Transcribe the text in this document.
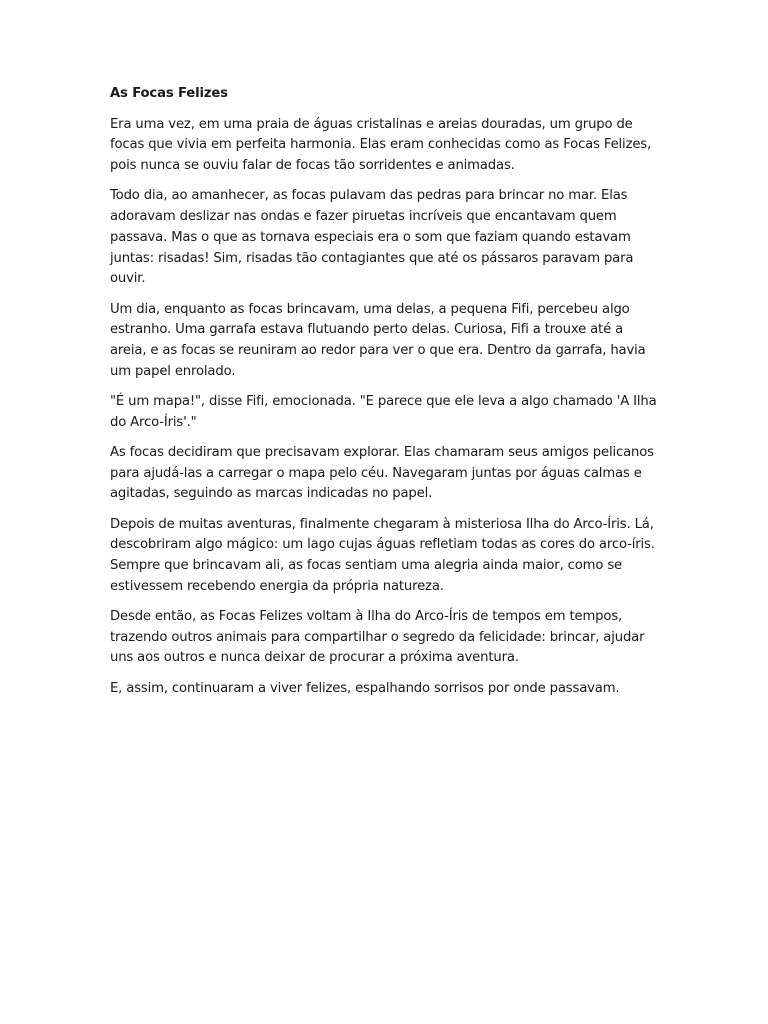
As Focas Felizes

Era uma vez, em uma praia de águas cristalinas e areias douradas, um grupo de focas que vivia em perfeita harmonia. Elas eram conhecidas como as Focas Felizes, pois nunca se ouviu falar de focas tão sorridentes e animadas.

Todo dia, ao amanhecer, as focas pulavam das pedras para brincar no mar. Elas adoravam deslizar nas ondas e fazer piruetas incríveis que encantavam quem passava. Mas o que as tornava especiais era o som que faziam quando estavam juntas: risadas! Sim, risadas tão contagiantes que até os pássaros paravam para ouvir.

Um dia, enquanto as focas brincavam, uma delas, a pequena Fifi, percebeu algo estranho. Uma garrafa estava flutuando perto delas. Curiosa, Fifi a trouxe até a areia, e as focas se reuniram ao redor para ver o que era. Dentro da garrafa, havia um papel enrolado.

"É um mapa!", disse Fifi, emocionada. "E parece que ele leva a algo chamado 'A Ilha do Arco-Íris'."

As focas decidiram que precisavam explorar. Elas chamaram seus amigos pelicanos para ajudá-las a carregar o mapa pelo céu. Navegaram juntas por águas calmas e agitadas, seguindo as marcas indicadas no papel.

Depois de muitas aventuras, finalmente chegaram à misteriosa Ilha do Arco-Íris. Lá, descobriram algo mágico: um lago cujas águas refletiam todas as cores do arco-íris. Sempre que brincavam ali, as focas sentiam uma alegria ainda maior, como se estivessem recebendo energia da própria natureza.

Desde então, as Focas Felizes voltam à Ilha do Arco-Íris de tempos em tempos, trazendo outros animais para compartilhar o segredo da felicidade: brincar, ajudar uns aos outros e nunca deixar de procurar a próxima aventura.

E, assim, continuaram a viver felizes, espalhando sorrisos por onde passavam.
